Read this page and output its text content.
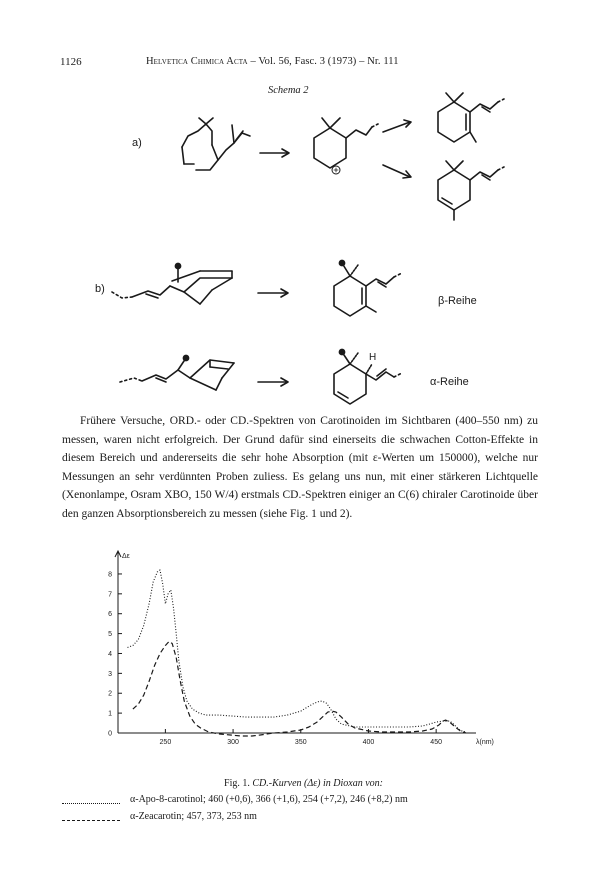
1126	Helvetica Chimica Acta – Vol. 56, Fasc. 3 (1973) – Nr. 111
Schema 2
a)
b)
β-Reihe
α-Reihe
H

Frühere Versuche, ORD.- oder CD.-Spektren von Carotinoiden im Sichtbaren (400–550 nm) zu messen, waren nicht erfolgreich. Der Grund dafür sind einerseits die schwachen Cotton-Effekte in diesem Bereich und andererseits die sehr hohe Absorption (mit ε-Werten um 150000), welche nur Messungen an sehr verdünnten Proben zuliess. Es gelang uns nun, mit einer stärkeren Lichtquelle (Xenonlampe, Osram XBO, 150 W/4) erstmals CD.-Spektren einiger an C(6) chiraler Carotinoide über den ganzen Absorptionsbereich zu messen (siehe Fig. 1 und 2).

1
2
3
4
5
6
7
8
0
250	300	350	400	450
Δε
λ(nm)
Fig. 1. CD.-Kurven (Δε) in Dioxan von:
α-Apo-8-carotinol; 460 (+0,6), 366 (+1,6), 254 (+7,2), 246 (+8,2) nm
α-Zeacarotin; 457, 373, 253 nm
